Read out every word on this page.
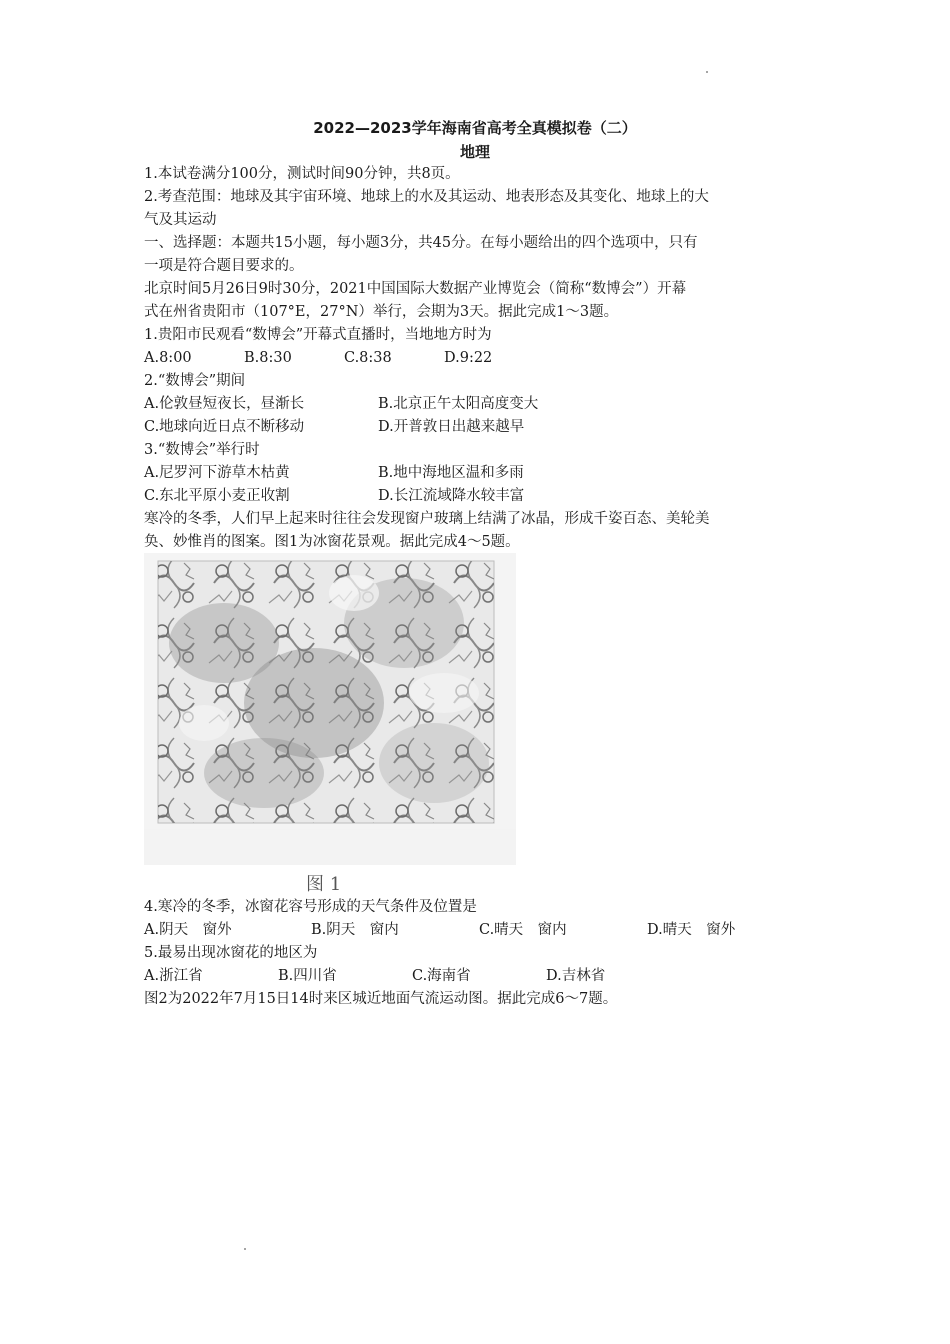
2022—2023学年海南省高考全真模拟卷（二）
地理
1.本试卷满分100分，测试时间90分钟，共8页。
2.考查范围：地球及其宇宙环境、地球上的水及其运动、地表形态及其变化、地球上的大
气及其运动
一、选择题：本题共15小题，每小题3分，共45分。在每小题给出的四个选项中，只有
一项是符合题目要求的。
北京时间5月26日9时30分，2021中国国际大数据产业博览会（简称“数博会”）开幕
式在州省贵阳市（107°E，27°N）举行，会期为3天。据此完成1～3题。
1.贵阳市民观看“数博会”开幕式直播时，当地地方时为
A.8:00	B.8:30	C.8:38	D.9:22
2.“数博会”期间
A.伦敦昼短夜长，昼渐长	B.北京正午太阳高度变大
C.地球向近日点不断移动	D.开普敦日出越来越早
3.“数博会”举行时
A.尼罗河下游草木枯黄	B.地中海地区温和多雨
C.东北平原小麦正收割	D.长江流域降水较丰富
寒冷的冬季，人们早上起来时往往会发现窗户玻璃上结满了冰晶，形成千姿百态、美轮美
奂、妙惟肖的图案。图1为冰窗花景观。据此完成4～5题。
图 1
4.寒冷的冬季，冰窗花容号形成的天气条件及位置是
A.阴天　窗外	B.阴天　窗内	C.晴天　窗内	D.晴天　窗外
5.最易出现冰窗花的地区为
A.浙江省	B.四川省	C.海南省	D.吉林省
图2为2022年7月15日14时来区城近地面气流运动图。据此完成6～7题。
